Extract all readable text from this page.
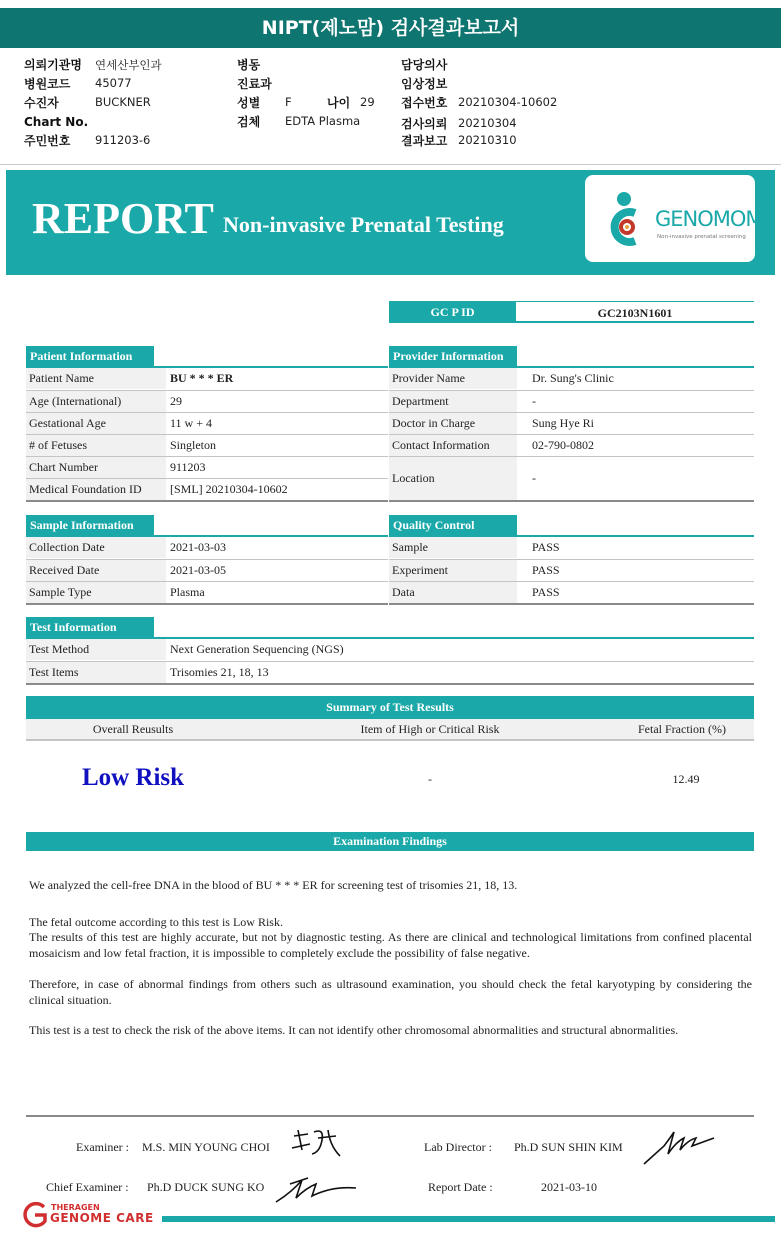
NIPT(제노맘) 검사결과보고서
의뢰기관명 연세산부인과
병원코드 45077
수진자	BUCKNER
Chart No.
주민번호 911203-6
병동
진료과
성별 F	나이 29
검체 EDTA Plasma
담당의사
임상정보
접수번호 20210304-10602
검사의뢰 20210304
결과보고 20210310
REPORT Non-invasive Prenatal Testing	GENOMOM
Non-invasive prenatal screening
GC P ID	GC2103N1601
Patient Information
Patient Name	BU * * * ER
Age (International)	29
Gestational Age	11 w + 4
# of Fetuses	Singleton
Chart Number	911203
Medical Foundation ID	[SML] 20210304-10602
Provider Information
Provider Name	Dr. Sung's Clinic
Department	-
Doctor in Charge	Sung Hye Ri
Contact Information	02-790-0802
Location	-
Sample Information
Collection Date	2021-03-03
Received Date	2021-03-05
Sample Type	Plasma
Quality Control
Sample	PASS
Experiment	PASS
Data	PASS
Test Information
Test Method	Next Generation Sequencing (NGS)
Test Items	Trisomies 21, 18, 13
Summary of Test Results
Overall Reusults	Item of High or Critical Risk	Fetal Fraction (%)
Low Risk	-	12.49
Examination Findings
We analyzed the cell-free DNA in the blood of BU * * * ER for screening test of trisomies 21, 18, 13.
The fetal outcome according to this test is Low Risk.
The results of this test are highly accurate, but not by diagnostic testing. As there are clinical and technological limitations from confined placental mosaicism and low fetal fraction, it is impossible to completely exclude the possibility of false negative.
Therefore, in case of abnormal findings from others such as ultrasound examination, you should check the fetal karyotyping by considering the clinical situation.
This test is a test to check the risk of the above items. It can not identify other chromosomal abnormalities and structural abnormalities.
Examiner : M.S. MIN YOUNG CHOI	Lab Director : Ph.D SUN SHIN KIM
Chief Examiner : Ph.D DUCK SUNG KO	Report Date :	2021-03-10
THERAGEN
GENOME CARE
